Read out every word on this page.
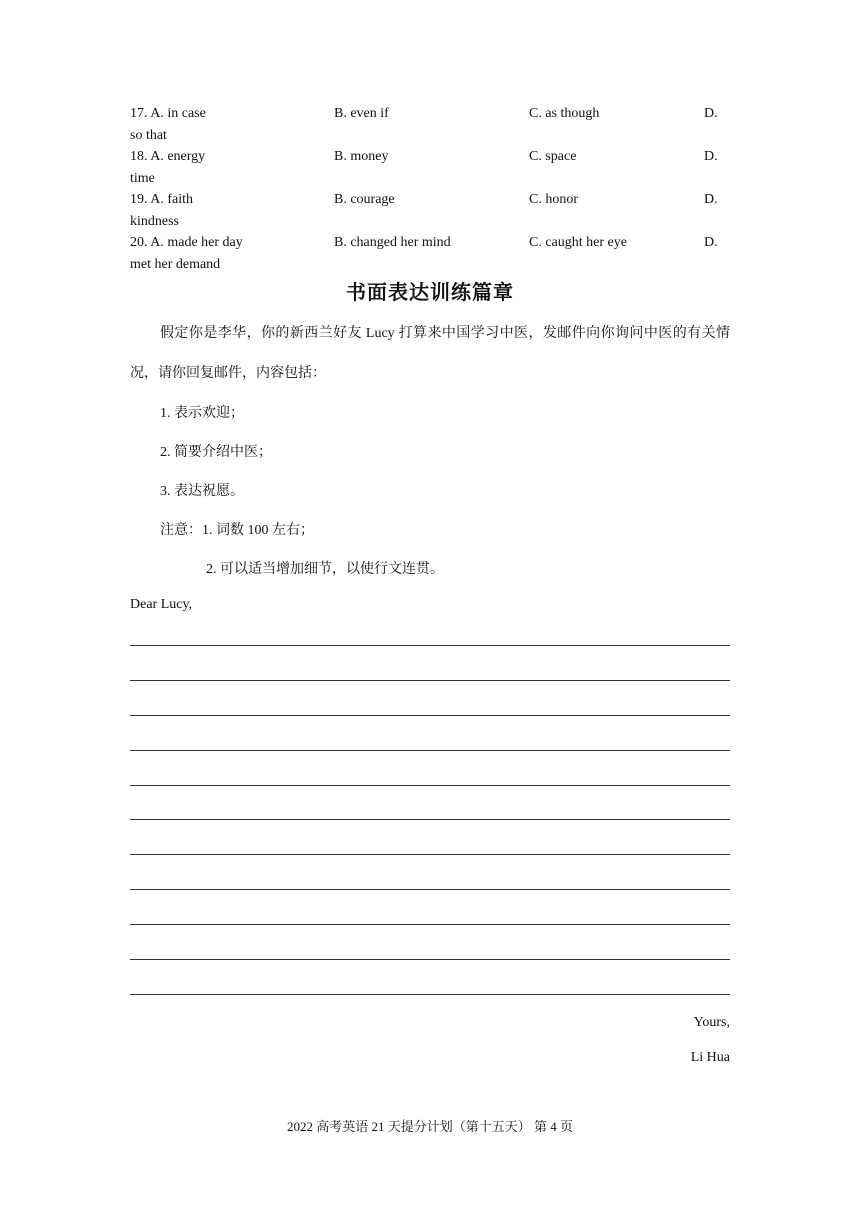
17. A. in case	B. even if	C. as though	D.
so that
18. A. energy	B. money	C. space	D.
time
19. A. faith	B. courage	C. honor	D.
kindness
20. A. made her day	B. changed her mind	C. caught her eye	D.
met her demand
书面表达训练篇章
假定你是李华，你的新西兰好友 Lucy 打算来中国学习中医，发邮件向你询问中医的有关情况，请你回复邮件，内容包括：
1. 表示欢迎；
2. 简要介绍中医；
3. 表达祝愿。
注意：1. 词数 100 左右；
2. 可以适当增加细节，以使行文连贯。
Dear Lucy,
Yours,
Li Hua
2022 高考英语 21 天提分计划（第十五天） 第 4 页
